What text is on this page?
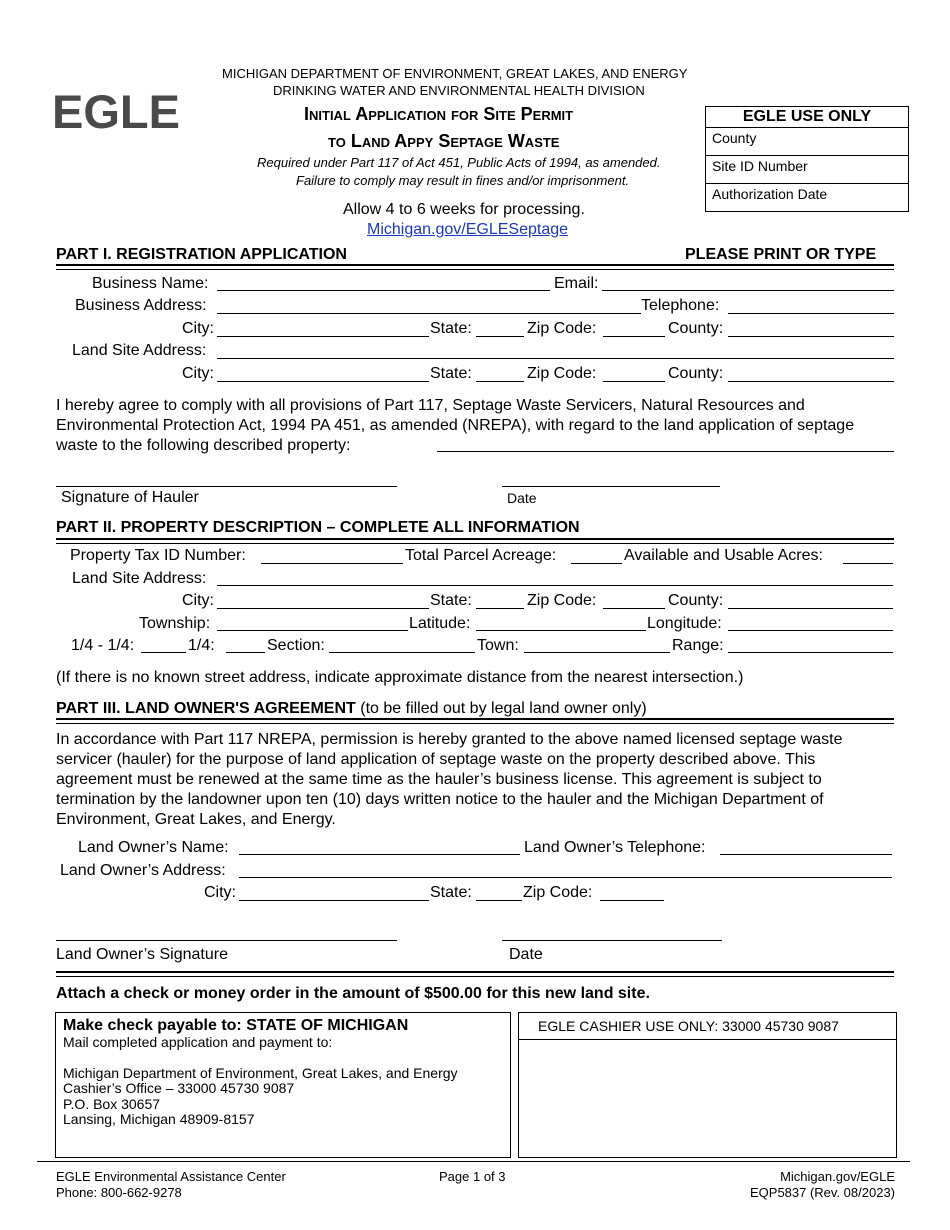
MICHIGAN DEPARTMENT OF ENVIRONMENT, GREAT LAKES, AND ENERGY
DRINKING WATER AND ENVIRONMENTAL HEALTH DIVISION
EGLE	Initial Application for Site Permit
to Land Appy Septage Waste
Required under Part 117 of Act 451, Public Acts of 1994, as amended.
Failure to comply may result in fines and/or imprisonment.
Allow 4 to 6 weeks for processing.
Michigan.gov/EGLESeptage
EGLE USE ONLY
County
Site ID Number
Authorization Date
PART I. REGISTRATION APPLICATION	PLEASE PRINT OR TYPE
Business Name:	Email:
Business Address:	Telephone:
City:	State:	Zip Code:	County:
Land Site Address:
City:	State:	Zip Code:	County:
I hereby agree to comply with all provisions of Part 117, Septage Waste Servicers, Natural Resources and Environmental Protection Act, 1994 PA 451, as amended (NREPA), with regard to the land application of septage waste to the following described property:
Signature of Hauler	Date
PART II. PROPERTY DESCRIPTION – COMPLETE ALL INFORMATION
Property Tax ID Number:	Total Parcel Acreage:	Available and Usable Acres:
Land Site Address:
City:	State:	Zip Code:	County:
Township:	Latitude:	Longitude:
1/4 - 1/4:	1/4:	Section:	Town:	Range:
(If there is no known street address, indicate approximate distance from the nearest intersection.)
PART III. LAND OWNER'S AGREEMENT (to be filled out by legal land owner only)
In accordance with Part 117 NREPA, permission is hereby granted to the above named licensed septage waste servicer (hauler) for the purpose of land application of septage waste on the property described above. This agreement must be renewed at the same time as the hauler’s business license. This agreement is subject to termination by the landowner upon ten (10) days written notice to the hauler and the Michigan Department of Environment, Great Lakes, and Energy.
Land Owner’s Name:	Land Owner’s Telephone:
Land Owner’s Address:
City:	State:	Zip Code:
Land Owner’s Signature	Date
Attach a check or money order in the amount of $500.00 for this new land site.
Make check payable to: STATE OF MICHIGAN
Mail completed application and payment to:
Michigan Department of Environment, Great Lakes, and Energy
Cashier’s Office – 33000 45730 9087
P.O. Box 30657
Lansing, Michigan 48909-8157
EGLE CASHIER USE ONLY: 33000 45730 9087
EGLE Environmental Assistance Center
Phone: 800-662-9278
Page 1 of 3	Michigan.gov/EGLE
EQP5837 (Rev. 08/2023)
